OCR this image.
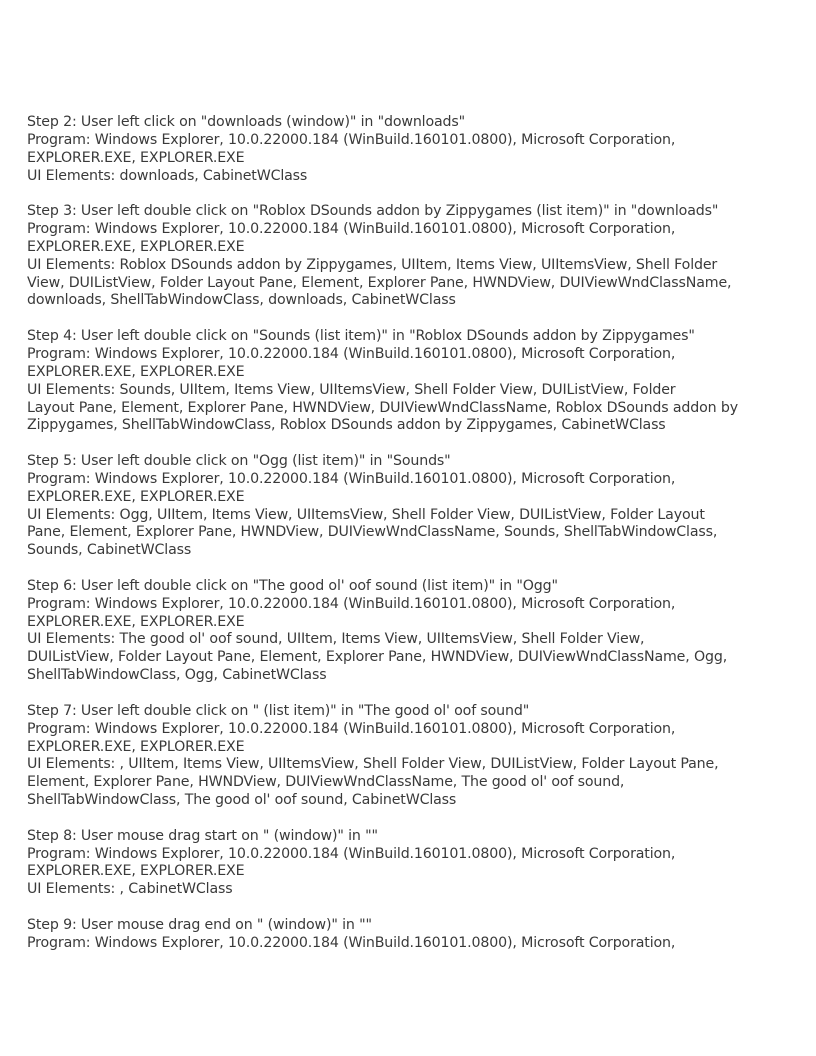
Step 2: User left click on "downloads (window)" in "downloads"
Program: Windows Explorer, 10.0.22000.184 (WinBuild.160101.0800), Microsoft Corporation,
EXPLORER.EXE, EXPLORER.EXE
UI Elements: downloads, CabinetWClass
Step 3: User left double click on "Roblox DSounds addon by Zippygames (list item)" in "downloads"
Program: Windows Explorer, 10.0.22000.184 (WinBuild.160101.0800), Microsoft Corporation,
EXPLORER.EXE, EXPLORER.EXE
UI Elements: Roblox DSounds addon by Zippygames, UIItem, Items View, UIItemsView, Shell Folder
View, DUIListView, Folder Layout Pane, Element, Explorer Pane, HWNDView, DUIViewWndClassName,
downloads, ShellTabWindowClass, downloads, CabinetWClass
Step 4: User left double click on "Sounds (list item)" in "Roblox DSounds addon by Zippygames"
Program: Windows Explorer, 10.0.22000.184 (WinBuild.160101.0800), Microsoft Corporation,
EXPLORER.EXE, EXPLORER.EXE
UI Elements: Sounds, UIItem, Items View, UIItemsView, Shell Folder View, DUIListView, Folder
Layout Pane, Element, Explorer Pane, HWNDView, DUIViewWndClassName, Roblox DSounds addon by
Zippygames, ShellTabWindowClass, Roblox DSounds addon by Zippygames, CabinetWClass
Step 5: User left double click on "Ogg (list item)" in "Sounds"
Program: Windows Explorer, 10.0.22000.184 (WinBuild.160101.0800), Microsoft Corporation,
EXPLORER.EXE, EXPLORER.EXE
UI Elements: Ogg, UIItem, Items View, UIItemsView, Shell Folder View, DUIListView, Folder Layout
Pane, Element, Explorer Pane, HWNDView, DUIViewWndClassName, Sounds, ShellTabWindowClass,
Sounds, CabinetWClass
Step 6: User left double click on "The good ol' oof sound (list item)" in "Ogg"
Program: Windows Explorer, 10.0.22000.184 (WinBuild.160101.0800), Microsoft Corporation,
EXPLORER.EXE, EXPLORER.EXE
UI Elements: The good ol' oof sound, UIItem, Items View, UIItemsView, Shell Folder View,
DUIListView, Folder Layout Pane, Element, Explorer Pane, HWNDView, DUIViewWndClassName, Ogg,
ShellTabWindowClass, Ogg, CabinetWClass
Step 7: User left double click on " (list item)" in "The good ol' oof sound"
Program: Windows Explorer, 10.0.22000.184 (WinBuild.160101.0800), Microsoft Corporation,
EXPLORER.EXE, EXPLORER.EXE
UI Elements: , UIItem, Items View, UIItemsView, Shell Folder View, DUIListView, Folder Layout Pane,
Element, Explorer Pane, HWNDView, DUIViewWndClassName, The good ol' oof sound,
ShellTabWindowClass, The good ol' oof sound, CabinetWClass
Step 8: User mouse drag start on " (window)" in ""
Program: Windows Explorer, 10.0.22000.184 (WinBuild.160101.0800), Microsoft Corporation,
EXPLORER.EXE, EXPLORER.EXE
UI Elements: , CabinetWClass
Step 9: User mouse drag end on " (window)" in ""
Program: Windows Explorer, 10.0.22000.184 (WinBuild.160101.0800), Microsoft Corporation,
